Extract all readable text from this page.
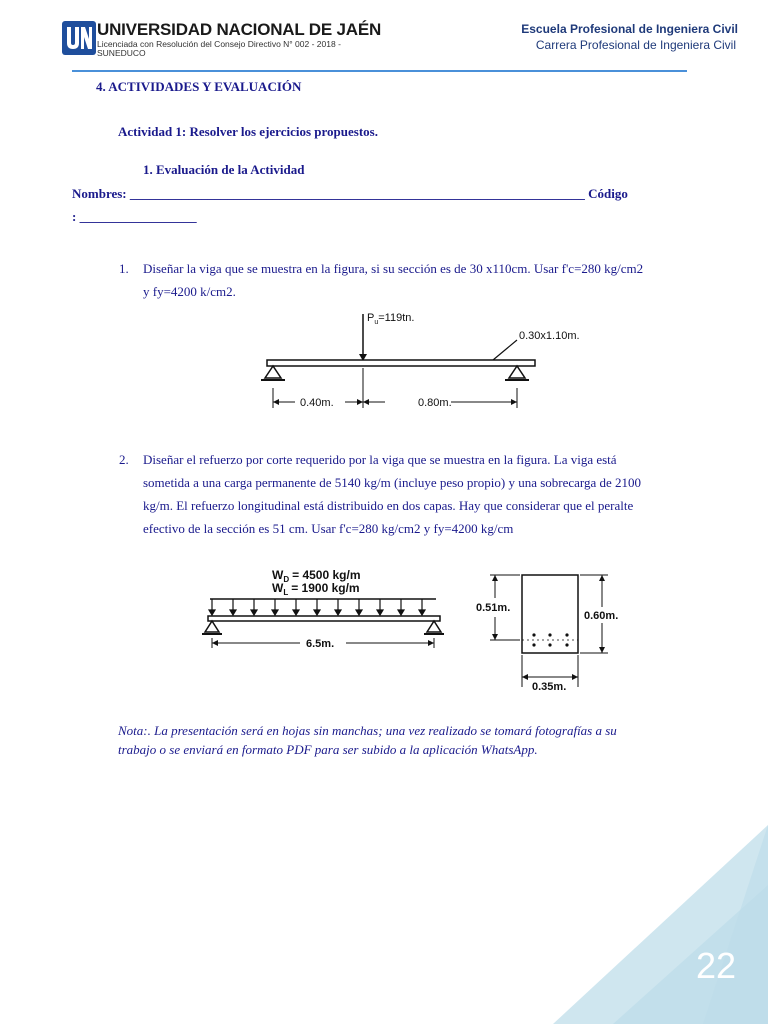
UNIVERSIDAD NACIONAL DE JAÉN
Licenciada con Resolución del Consejo Directivo N° 002 - 2018 -
SUNEDUCO
Escuela Profesional de Ingeniera Civil
Carrera Profesional de Ingeniera Civil
4. ACTIVIDADES Y EVALUACIÓN
Actividad 1: Resolver los ejercicios propuestos.
1. Evaluación de la Actividad
Nombres: ______________________________________________________________________ Código
: __________________
1. Diseñar la viga que se muestra en la figura, si su sección es de 30 x110cm. Usar f'c=280 kg/cm2
y fy=4200 k/cm2.
$P_u=119tn$.
0.30x1.10m.
0.40m.	0.80m.
2. Diseñar el refuerzo por corte requerido por la viga que se muestra en la figura. La viga está
sometida a una carga permanente de 5140 kg/m (incluye peso propio) y una sobrecarga de 2100
kg/m. El refuerzo longitudinal está distribuido en dos capas. Hay que considerar que el peralte
efectivo de la sección es 51 cm. Usar f'c=280 kg/cm2 y fy=4200 kg/cm
$W_D = 4500$ kg/m
$W_L = 1900$ kg/m
6.5m.
0.51m.
0.60m.
0.35m.
Nota:. La presentación será en hojas sin manchas; una vez realizado se tomará fotografías a su
trabajo o se enviará en formato PDF para ser subido a la aplicación WhatsApp.
22
